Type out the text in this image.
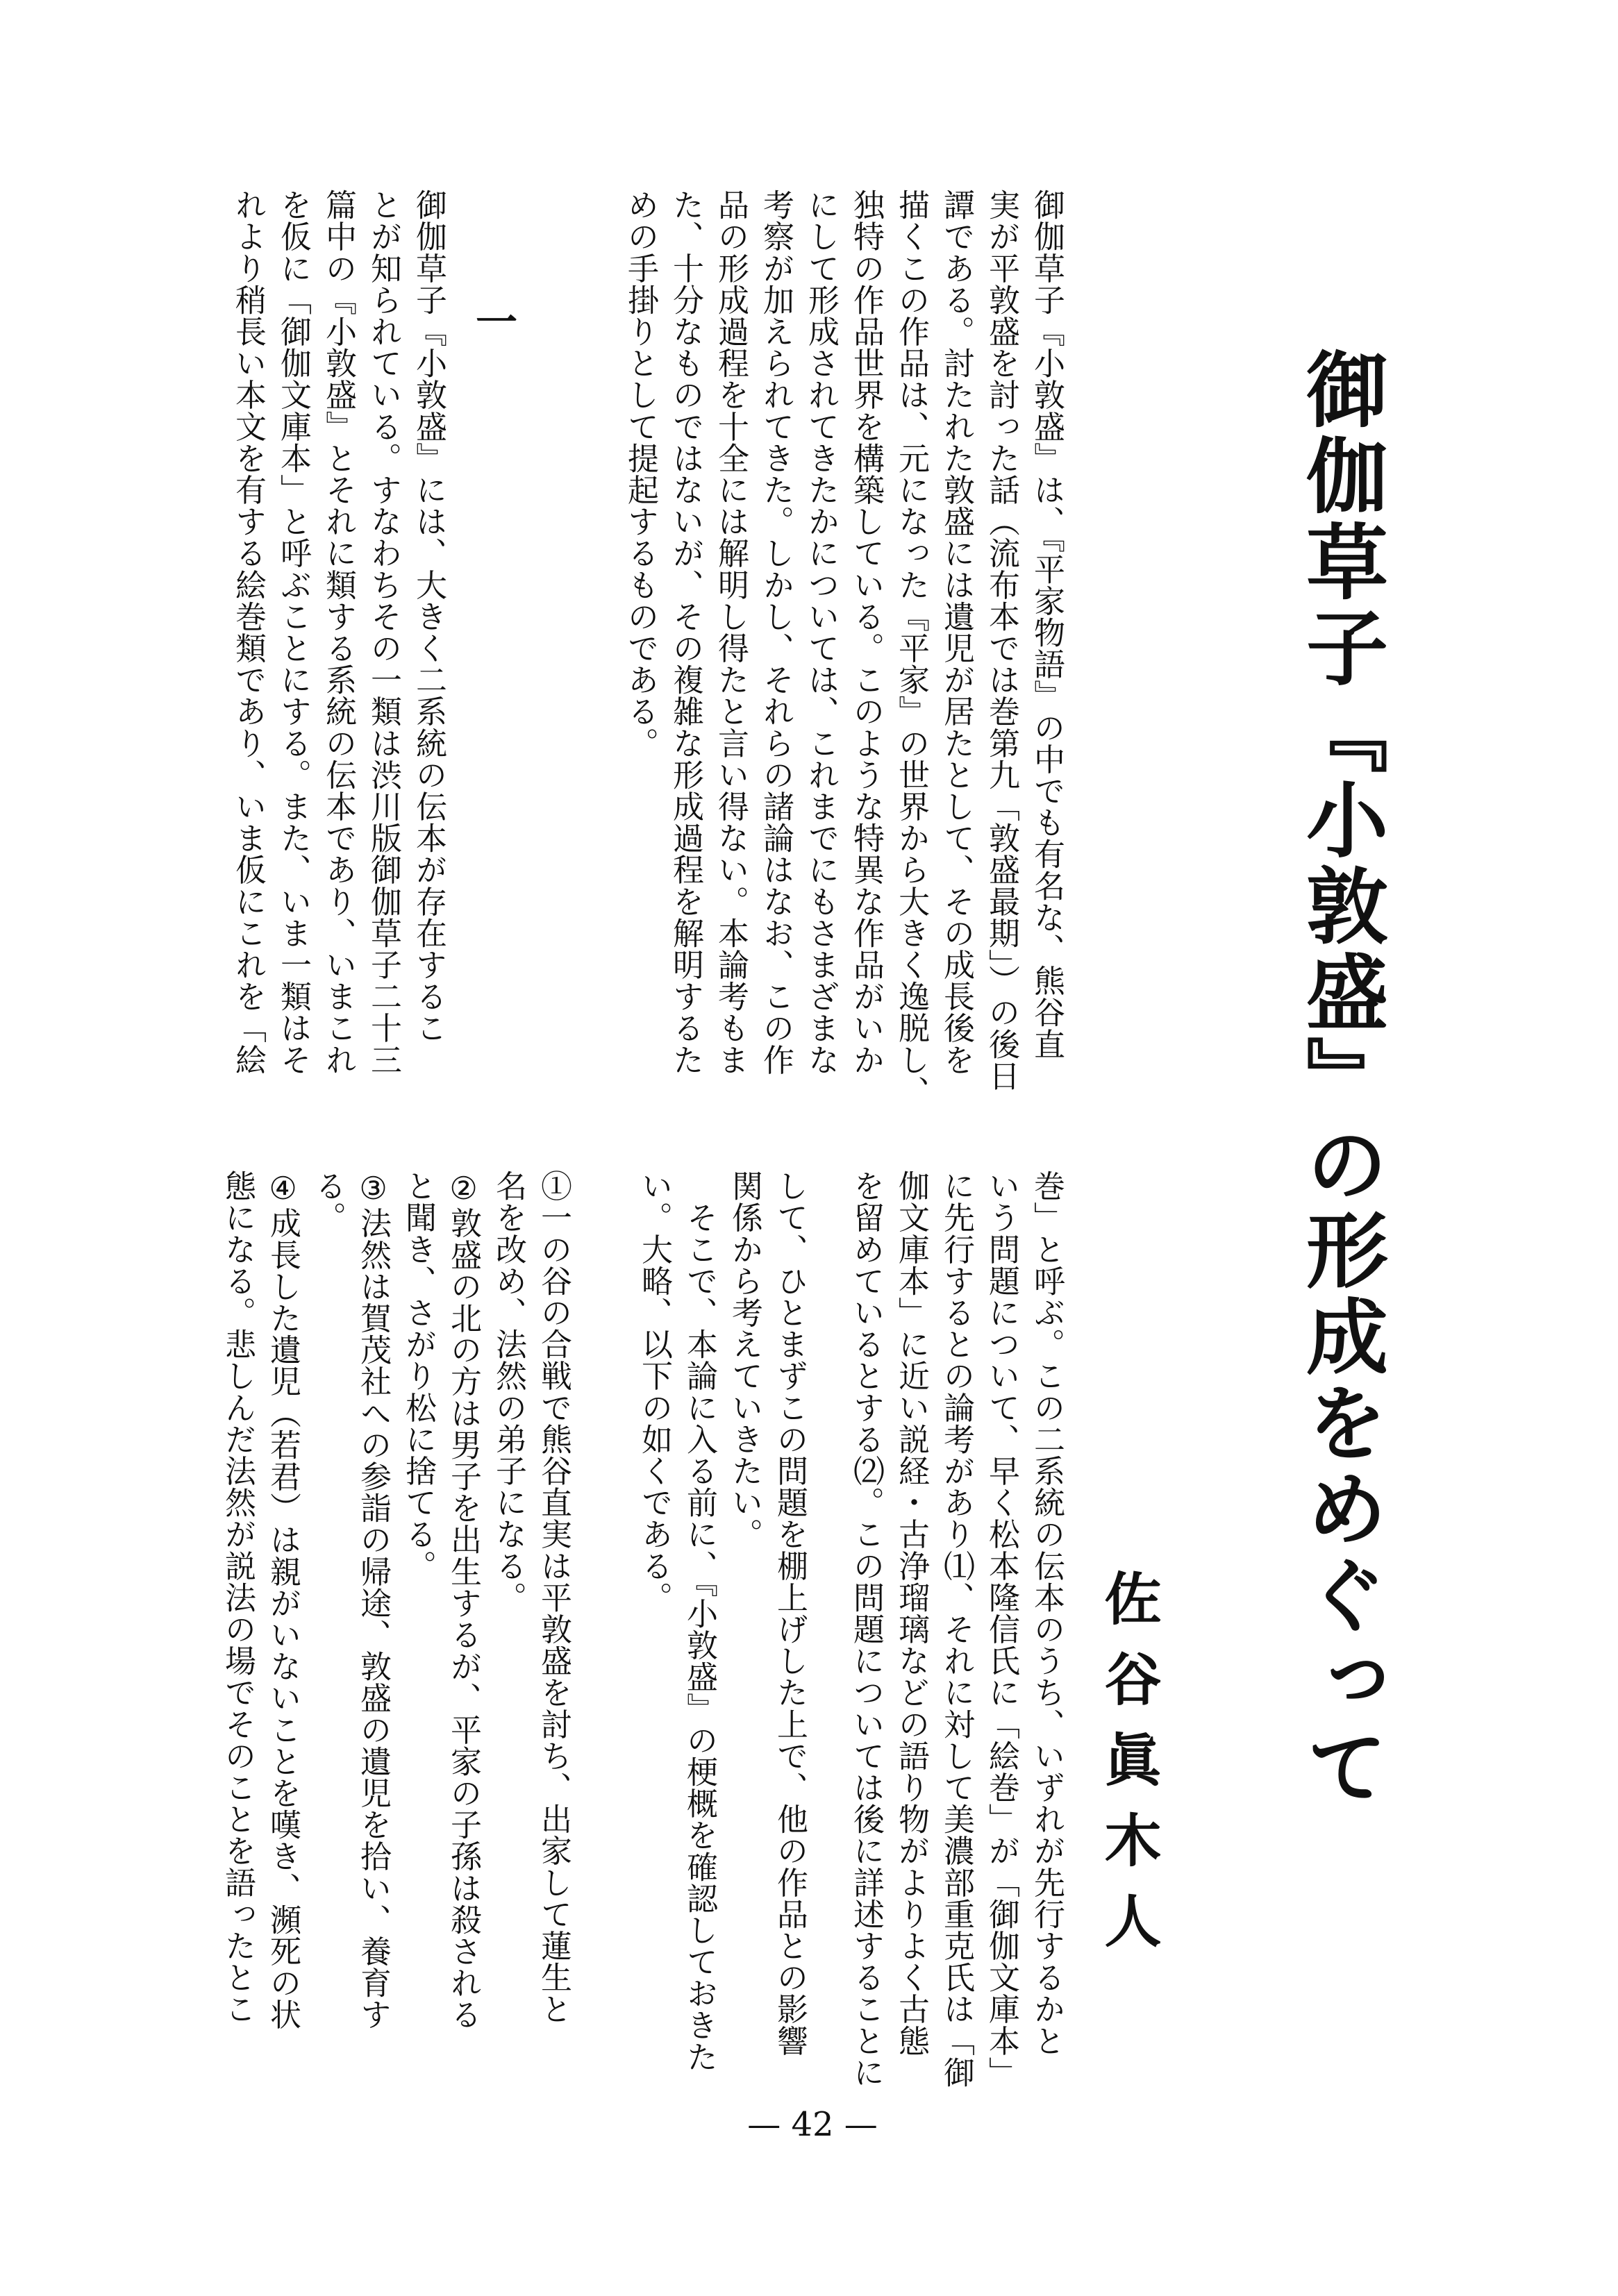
御伽草子『小敦盛』の形成をめぐって
佐谷眞木人
御伽草子『小敦盛』は、『平家物語』の中でも有名な、熊谷直
実が平敦盛を討った話（流布本では巻第九「敦盛最期」）の後日
譚である。討たれた敦盛には遺児が居たとして、その成長後を
描くこの作品は、元になった『平家』の世界から大きく逸脱し、
独特の作品世界を構築している。このような特異な作品がいか
にして形成されてきたかについては、これまでにもさまざまな
考察が加えられてきた。しかし、それらの諸論はなお、この作
品の形成過程を十全には解明し得たと言い得ない。本論考もま
た、十分なものではないが、その複雑な形成過程を解明するた
めの手掛りとして提起するものである。
一
御伽草子『小敦盛』には、大きく二系統の伝本が存在するこ
とが知られている。すなわちその一類は渋川版御伽草子二十三
篇中の『小敦盛』とそれに類する系統の伝本であり、いまこれ
を仮に「御伽文庫本」と呼ぶことにする。また、いま一類はそ
れより稍長い本文を有する絵巻類であり、いま仮にこれを「絵
巻」と呼ぶ。この二系統の伝本のうち、いずれが先行するかと
いう問題について、早く松本隆信氏に「絵巻」が「御伽文庫本」
に先行するとの論考があり⑴、それに対して美濃部重克氏は「御
伽文庫本」に近い説経・古浄瑠璃などの語り物がよりよく古態
を留めているとする⑵。この問題については後に詳述することに
して、ひとまずこの問題を棚上げした上で、他の作品との影響
関係から考えていきたい。
　そこで、本論に入る前に、『小敦盛』の梗概を確認しておきた
い。大略、以下の如くである。
①一の谷の合戦で熊谷直実は平敦盛を討ち、出家して蓮生と
名を改め、法然の弟子になる。
②敦盛の北の方は男子を出生するが、平家の子孫は殺される
と聞き、さがり松に捨てる。
③法然は賀茂社への参詣の帰途、敦盛の遺児を拾い、養育す
る。
④成長した遺児（若君）は親がいないことを嘆き、瀕死の状
態になる。悲しんだ法然が説法の場でそのことを語ったとこ
— 42 —
